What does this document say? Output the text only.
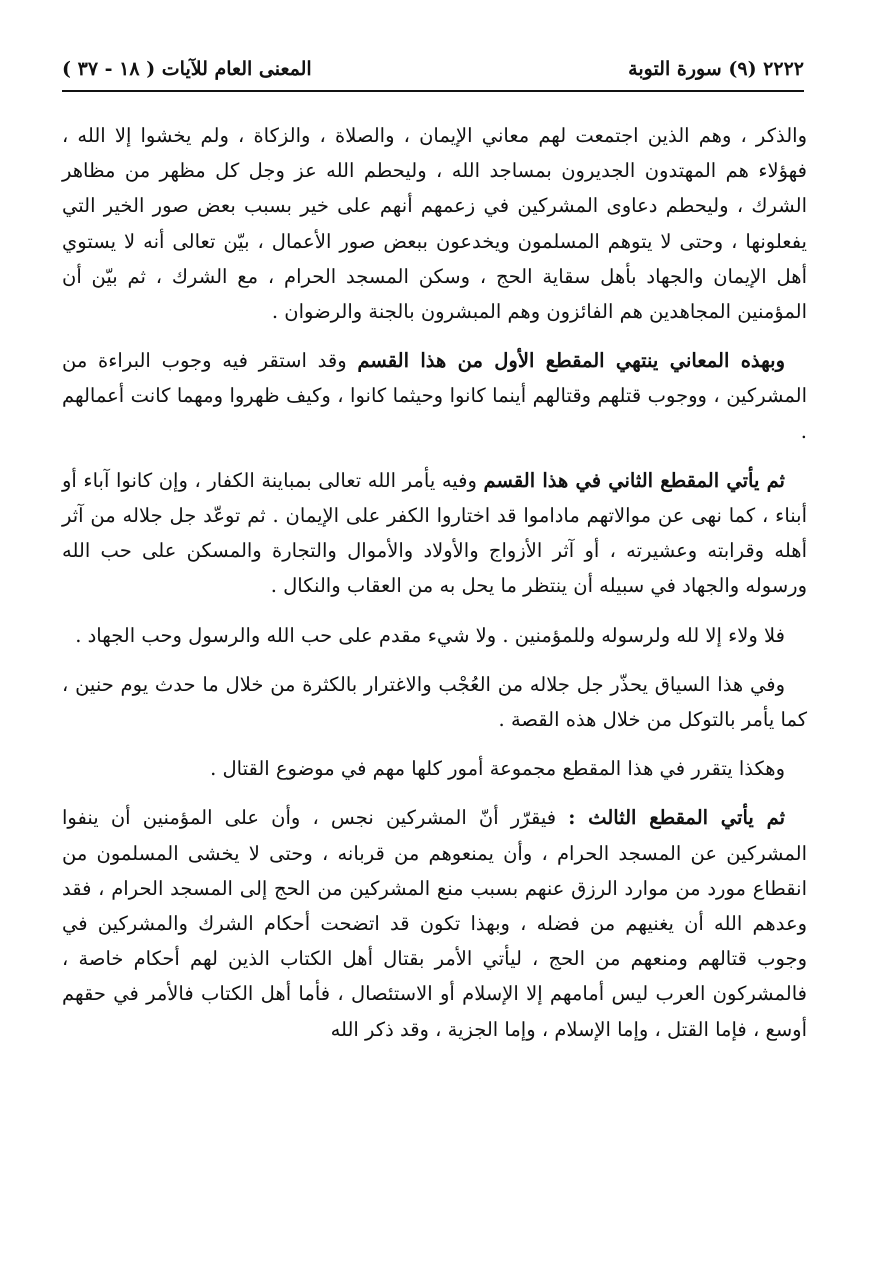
٢٢٢٢ (٩) سورة التوبة
المعنى العام للآيات ( ١٨ - ٣٧ )

والذكر ، وهم الذين اجتمعت لهم معاني الإيمان ، والصلاة ، والزكاة ، ولم يخشوا إلا الله ، فهؤلاء هم المهتدون الجديرون بمساجد الله ، وليحطم الله عز وجل كل مظهر من مظاهر الشرك ، وليحطم دعاوى المشركين في زعمهم أنهم على خير بسبب بعض صور الخير التي يفعلونها ، وحتى لا يتوهم المسلمون ويخدعون ببعض صور الأعمال ، بيّن تعالى أنه لا يستوي أهل الإيمان والجهاد بأهل سقاية الحج ، وسكن المسجد الحرام ، مع الشرك ، ثم بيّن أن المؤمنين المجاهدين هم الفائزون وهم المبشرون بالجنة والرضوان .

وبهذه المعاني ينتهي المقطع الأول من هذا القسم وقد استقر فيه وجوب البراءة من المشركين ، ووجوب قتلهم وقتالهم أينما كانوا وحيثما كانوا ، وكيف ظهروا ومهما كانت أعمالهم .

ثم يأتي المقطع الثاني في هذا القسم وفيه يأمر الله تعالى بمباينة الكفار ، وإن كانوا آباء أو أبناء ، كما نهى عن موالاتهم ماداموا قد اختاروا الكفر على الإيمان . ثم توعّد جل جلاله من آثر أهله وقرابته وعشيرته ، أو آثر الأزواج والأولاد والأموال والتجارة والمسكن على حب الله ورسوله والجهاد في سبيله أن ينتظر ما يحل به من العقاب والنكال .

فلا ولاء إلا لله ولرسوله وللمؤمنين . ولا شيء مقدم على حب الله والرسول وحب الجهاد .

وفي هذا السياق يحذّر جل جلاله من العُجْب والاغترار بالكثرة من خلال ما حدث يوم حنين ، كما يأمر بالتوكل من خلال هذه القصة .

وهكذا يتقرر في هذا المقطع مجموعة أمور كلها مهم في موضوع القتال .

ثم يأتي المقطع الثالث : فيقرّر أنّ المشركين نجس ، وأن على المؤمنين أن ينفوا المشركين عن المسجد الحرام ، وأن يمنعوهم من قربانه ، وحتى لا يخشى المسلمون من انقطاع مورد من موارد الرزق عنهم بسبب منع المشركين من الحج إلى المسجد الحرام ، فقد وعدهم الله أن يغنيهم من فضله ، وبهذا تكون قد اتضحت أحكام الشرك والمشركين في وجوب قتالهم ومنعهم من الحج ، ليأتي الأمر بقتال أهل الكتاب الذين لهم أحكام خاصة ، فالمشركون العرب ليس أمامهم إلا الإسلام أو الاستئصال ، فأما أهل الكتاب فالأمر في حقهم أوسع ، فإما القتل ، وإما الإسلام ، وإما الجزية ، وقد ذكر الله
